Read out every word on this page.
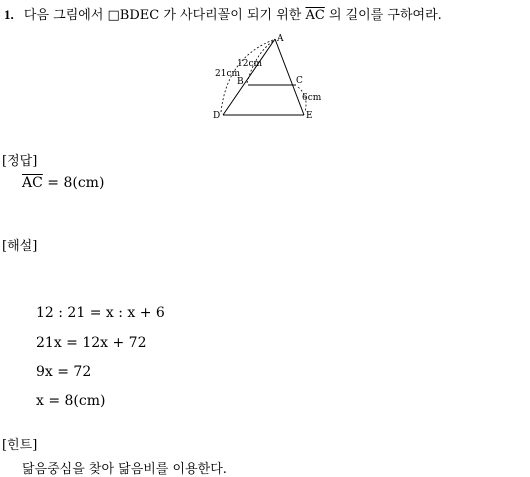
1. 다음 그림에서 □BDEC 가 사다리꼴이 되기 위한 $\overline{AC}$ 의 길이를 구하여라.
A
B	C
D	E
12cm
21cm
6cm
[정답]
$\overline{AC} = 8(cm)$
[해설]
12 : 21 = x : x + 6
21x = 12x + 72
9x = 72
x = 8(cm)
[힌트]
닮음중심을 찾아 닮음비를 이용한다.
